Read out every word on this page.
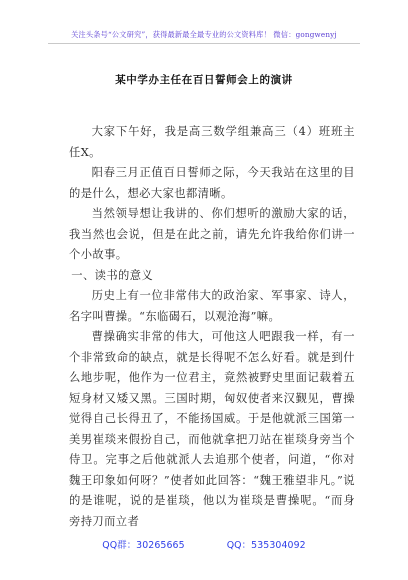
关注头条号“公文研究”，获得最新最全最专业的公文资料库！ 微信：gongwenyj
某中学办主任在百日誓师会上的演讲

大家下午好，我是高三数学组兼高三（4）班班主任X。

阳春三月正值百日誓师之际，今天我站在这里的目的是什么，想必大家也都清晰。

当然领导想让我讲的、你们想听的激励大家的话，我当然也会说，但是在此之前，请先允许我给你们讲一个小故事。

一、读书的意义

历史上有一位非常伟大的政治家、军事家、诗人，名字叫曹操。“东临碣石，以观沧海”嘛。

曹操确实非常的伟大，可他这人吧跟我一样，有一个非常致命的缺点，就是长得呢不怎么好看。就是到什么地步呢，他作为一位君主，竟然被野史里面记载着五短身材又矮又黑。三国时期，匈奴使者来汉觐见，曹操觉得自己长得丑了，不能扬国威。于是他就派三国第一美男崔琰来假扮自己，而他就拿把刀站在崔琰身旁当个侍卫。完事之后他就派人去追那个使者，问道，“你对魏王印象如何呀？”使者如此回答：“魏王雅望非凡。”说的是谁呢，说的是崔琰，他以为崔琰是曹操呢。“而身旁持刀而立者

QQ群：30265665	QQ：535304092
